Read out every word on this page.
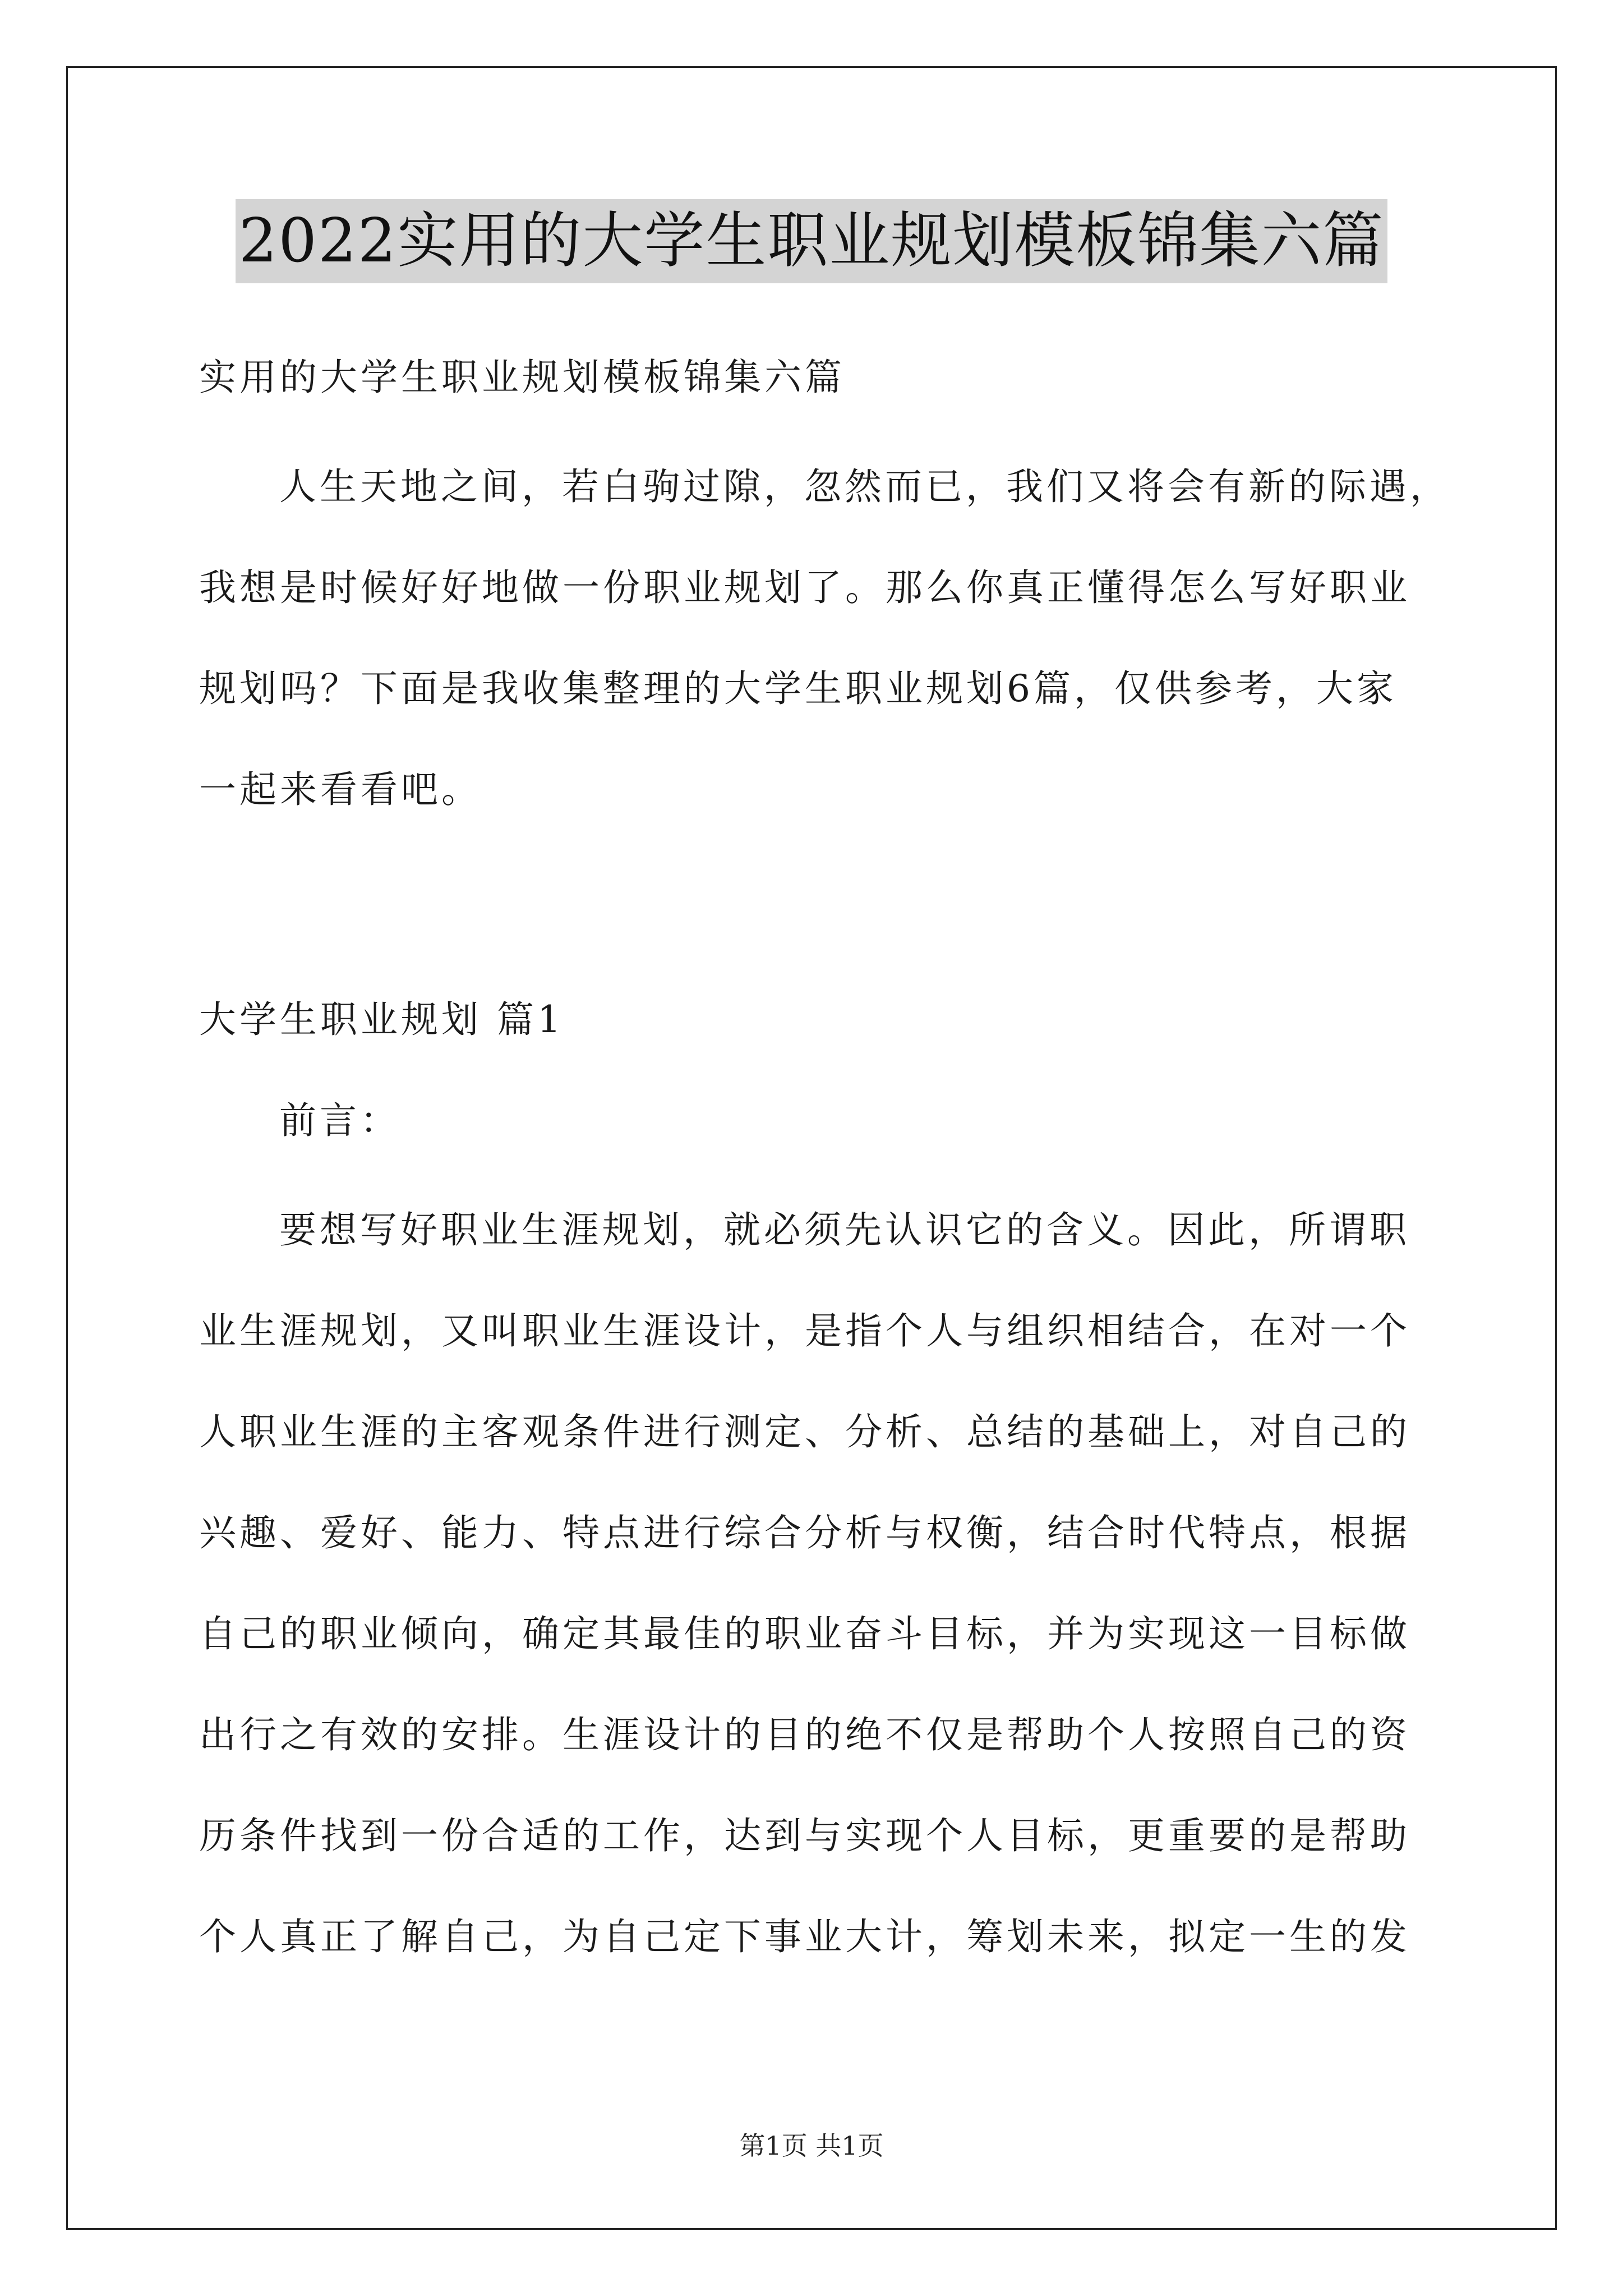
2022实用的大学生职业规划模板锦集六篇
实用的大学生职业规划模板锦集六篇
人生天地之间，若白驹过隙，忽然而已，我们又将会有新的际遇，
我想是时候好好地做一份职业规划了。那么你真正懂得怎么写好职业
规划吗？下面是我收集整理的大学生职业规划6篇，仅供参考，大家
一起来看看吧。
大学生职业规划 篇1
前言：
要想写好职业生涯规划，就必须先认识它的含义。因此，所谓职
业生涯规划，又叫职业生涯设计，是指个人与组织相结合，在对一个
人职业生涯的主客观条件进行测定、分析、总结的基础上，对自己的
兴趣、爱好、能力、特点进行综合分析与权衡，结合时代特点，根据
自己的职业倾向，确定其最佳的职业奋斗目标，并为实现这一目标做
出行之有效的安排。生涯设计的目的绝不仅是帮助个人按照自己的资
历条件找到一份合适的工作，达到与实现个人目标，更重要的是帮助
个人真正了解自己，为自己定下事业大计，筹划未来，拟定一生的发
第1页 共1页
